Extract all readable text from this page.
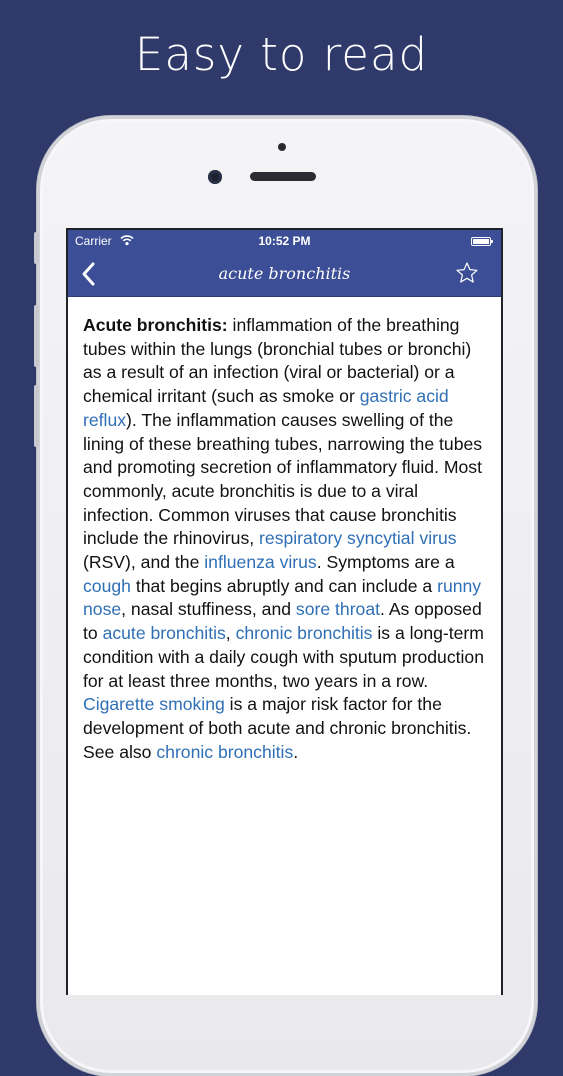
Easy to read
Carrier	10:52 PM
acute bronchitis
Acute bronchitis: inflammation of the breathing tubes within the lungs (bronchial tubes or bronchi) as a result of an infection (viral or bacterial) or a chemical irritant (such as smoke or gastric acid reflux). The inflammation causes swelling of the lining of these breathing tubes, narrowing the tubes and promoting secretion of inflammatory fluid. Most commonly, acute bronchitis is due to a viral infection. Common viruses that cause bronchitis include the rhinovirus, respiratory syncytial virus (RSV), and the influenza virus. Symptoms are a cough that begins abruptly and can include a runny nose, nasal stuffiness, and sore throat. As opposed to acute bronchitis, chronic bronchitis is a long-term condition with a daily cough with sputum production for at least three months, two years in a row. Cigarette smoking is a major risk factor for the development of both acute and chronic bronchitis. See also chronic bronchitis.
